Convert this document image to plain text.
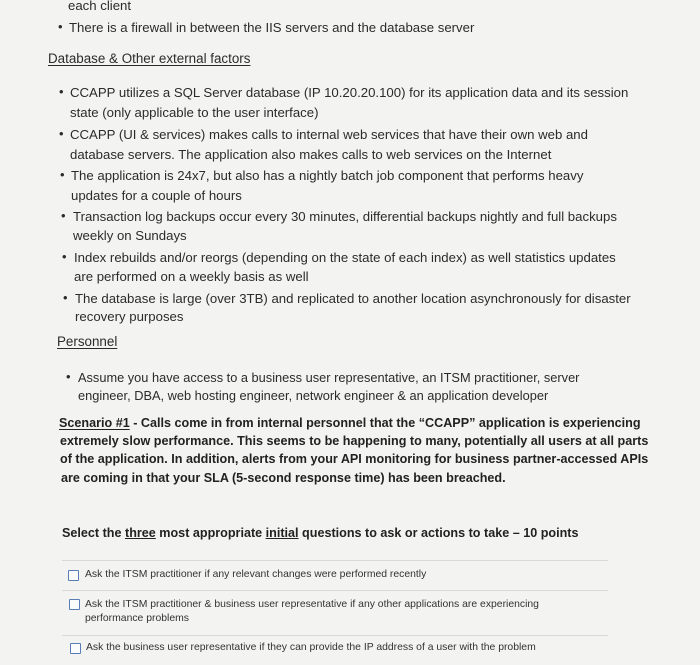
each client
• There is a firewall in between the IIS servers and the database server
Database & Other external factors
• CCAPP utilizes a SQL Server database (IP 10.20.20.100) for its application data and its session
state (only applicable to the user interface)
• CCAPP (UI & services) makes calls to internal web services that have their own web and
database servers. The application also makes calls to web services on the Internet
• The application is 24x7, but also has a nightly batch job component that performs heavy
updates for a couple of hours
• Transaction log backups occur every 30 minutes, differential backups nightly and full backups
weekly on Sundays
• Index rebuilds and/or reorgs (depending on the state of each index) as well statistics updates
are performed on a weekly basis as well
• The database is large (over 3TB) and replicated to another location asynchronously for disaster
recovery purposes
Personnel
• Assume you have access to a business user representative, an ITSM practitioner, server
engineer, DBA, web hosting engineer, network engineer & an application developer
Scenario #1 - Calls come in from internal personnel that the “CCAPP” application is experiencing
extremely slow performance. This seems to be happening to many, potentially all users at all parts
of the application. In addition, alerts from your API monitoring for business partner-accessed APIs
are coming in that your SLA (5-second response time) has been breached.
Select the three most appropriate initial questions to ask or actions to take – 10 points
Ask the ITSM practitioner if any relevant changes were performed recently
Ask the ITSM practitioner & business user representative if any other applications are experiencing
performance problems
Ask the business user representative if they can provide the IP address of a user with the problem
